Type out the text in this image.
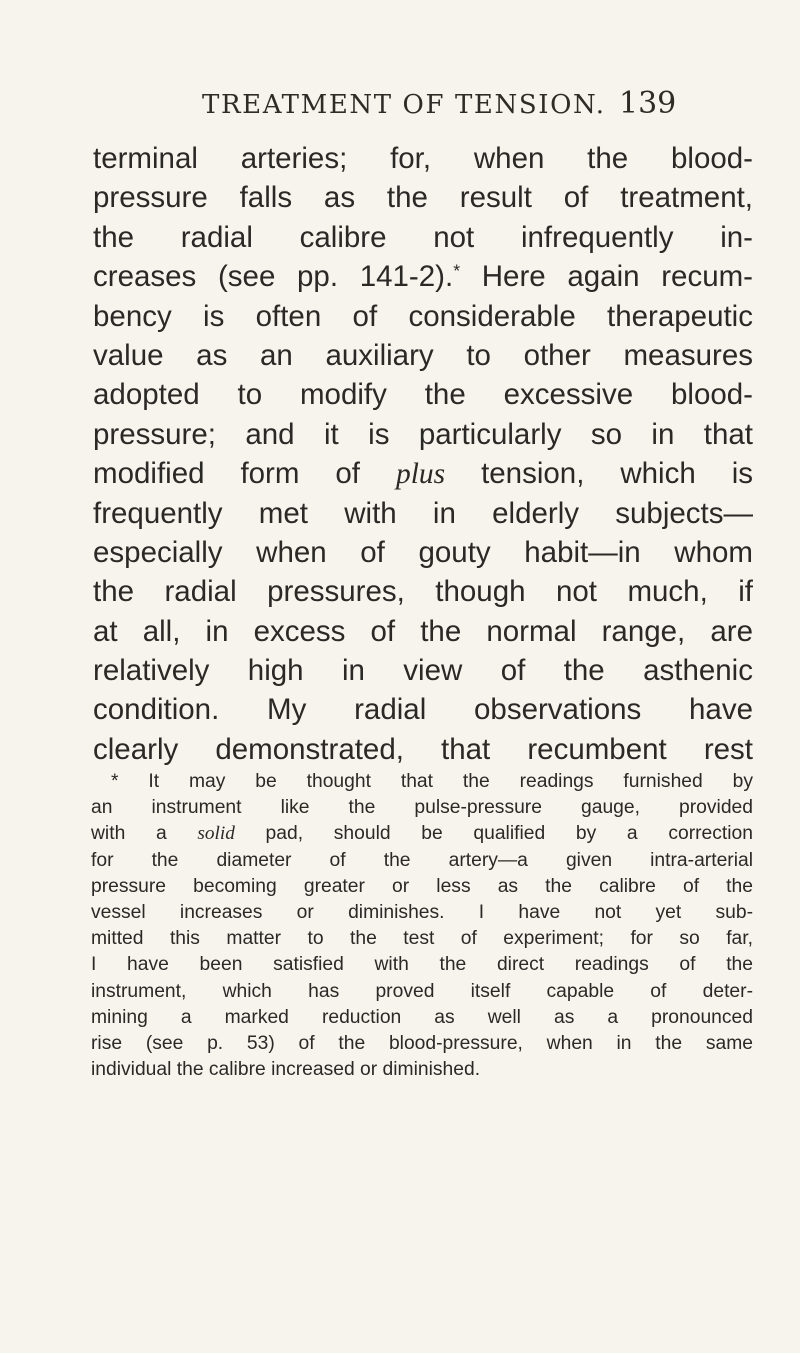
TREATMENT OF TENSION. 139
terminal arteries; for, when the blood-
pressure falls as the result of treatment,
the radial calibre not infrequently in-
creases (see pp. 141-2).* Here again recum-
bency is often of considerable therapeutic
value as an auxiliary to other measures
adopted to modify the excessive blood-
pressure; and it is particularly so in that
modified form of plus tension, which is
frequently met with in elderly subjects—
especially when of gouty habit—in whom
the radial pressures, though not much, if
at all, in excess of the normal range, are
relatively high in view of the asthenic
condition. My radial observations have
clearly demonstrated, that recumbent rest
* It may be thought that the readings furnished by
an instrument like the pulse-pressure gauge, provided
with a solid pad, should be qualified by a correction
for the diameter of the artery—a given intra-arterial
pressure becoming greater or less as the calibre of the
vessel increases or diminishes. I have not yet sub-
mitted this matter to the test of experiment; for so far,
I have been satisfied with the direct readings of the
instrument, which has proved itself capable of deter-
mining a marked reduction as well as a pronounced
rise (see p. 53) of the blood-pressure, when in the same
individual the calibre increased or diminished.
